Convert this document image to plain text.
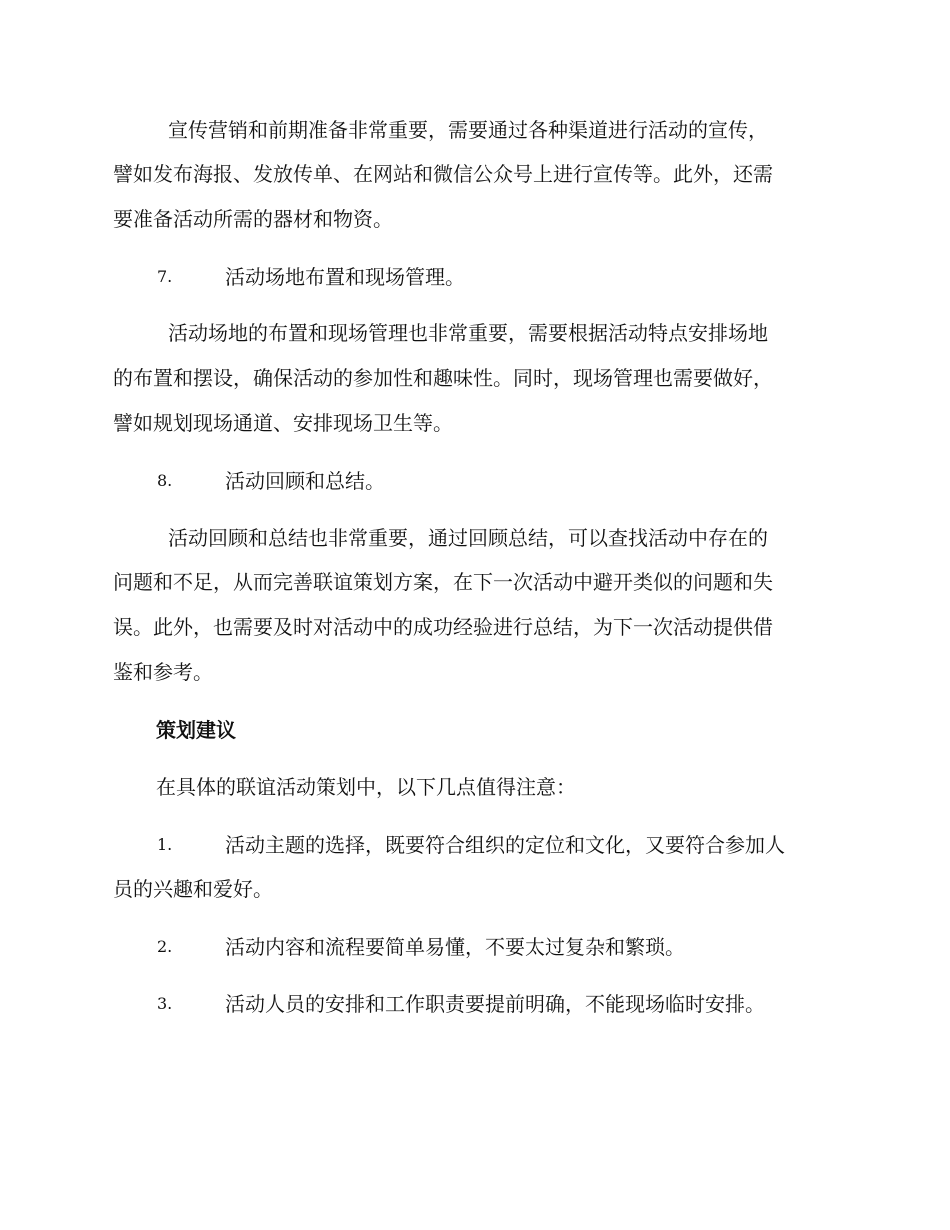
宣传营销和前期准备非常重要，需要通过各种渠道进行活动的宣传，
譬如发布海报、发放传单、在网站和微信公众号上进行宣传等。此外，还需
要准备活动所需的器材和物资。
7.	活动场地布置和现场管理。
活动场地的布置和现场管理也非常重要，需要根据活动特点安排场地
的布置和摆设，确保活动的参加性和趣味性。同时，现场管理也需要做好，
譬如规划现场通道、安排现场卫生等。
8.	活动回顾和总结。
活动回顾和总结也非常重要，通过回顾总结，可以查找活动中存在的
问题和不足，从而完善联谊策划方案，在下一次活动中避开类似的问题和失
误。此外，也需要及时对活动中的成功经验进行总结，为下一次活动提供借
鉴和参考。
策划建议
在具体的联谊活动策划中，以下几点值得注意：
1.	活动主题的选择，既要符合组织的定位和文化，又要符合参加人
员的兴趣和爱好。
2.	活动内容和流程要简单易懂，不要太过复杂和繁琐。
3.	活动人员的安排和工作职责要提前明确，不能现场临时安排。
